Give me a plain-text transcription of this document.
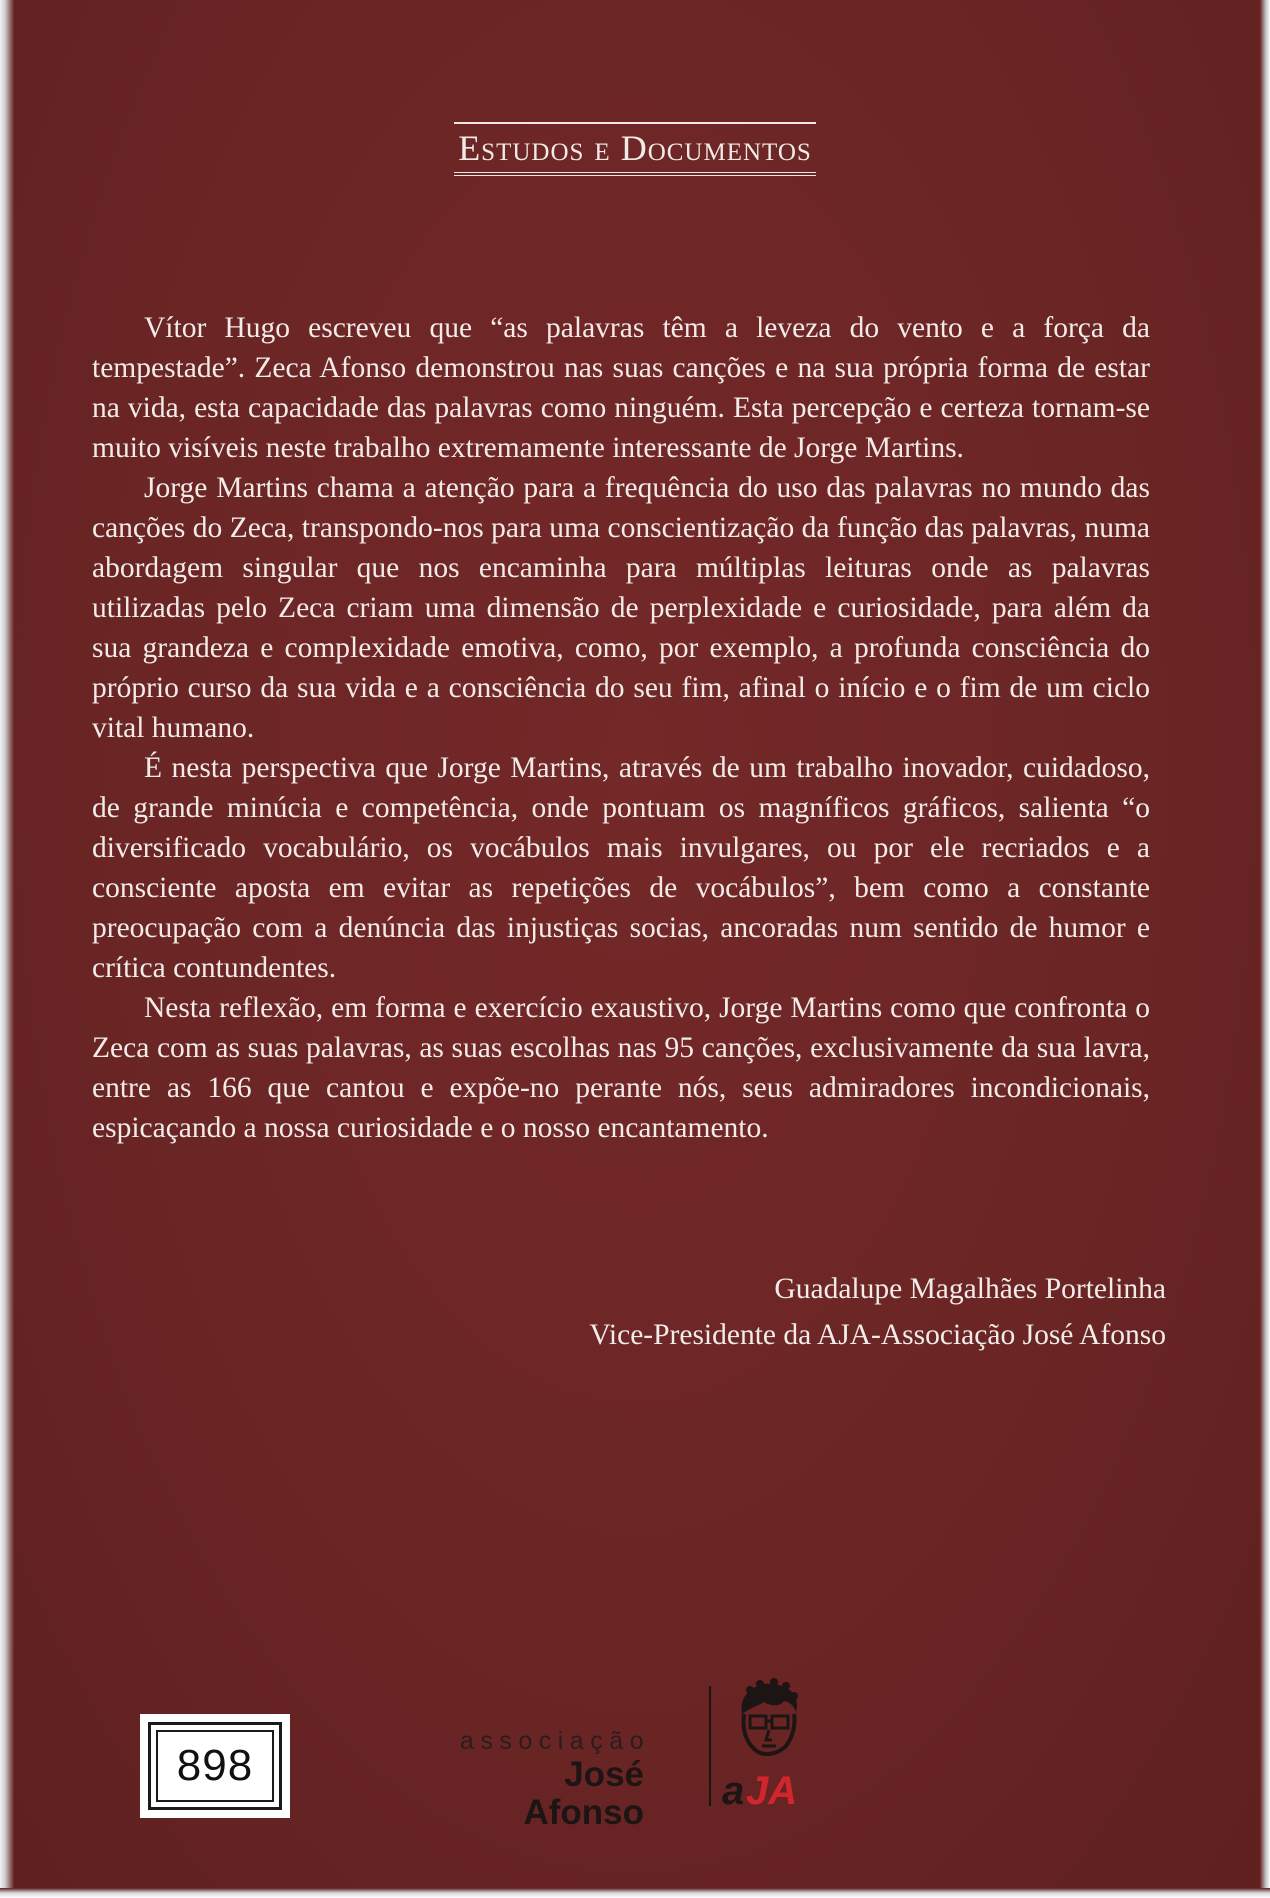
Estudos e Documentos

Vítor Hugo escreveu que “as palavras têm a leveza do vento e a força da tempestade”. Zeca Afonso demonstrou nas suas canções e na sua própria forma de estar na vida, esta capacidade das palavras como ninguém. Esta percepção e certeza tornam-se muito visíveis neste trabalho extremamente interessante de Jorge Martins.

Jorge Martins chama a atenção para a frequência do uso das palavras no mundo das canções do Zeca, transpondo-nos para uma conscientização da função das palavras, numa abordagem singular que nos encaminha para múltiplas leituras onde as palavras utilizadas pelo Zeca criam uma dimensão de perplexidade e curiosidade, para além da sua grandeza e complexidade emotiva, como, por exemplo, a profunda consciência do próprio curso da sua vida e a consciência do seu fim, afinal o início e o fim de um ciclo vital humano.

É nesta perspectiva que Jorge Martins, através de um trabalho inovador, cuidadoso, de grande minúcia e competência, onde pontuam os magníficos gráficos, salienta “o diversificado vocabulário, os vocábulos mais invulgares, ou por ele recriados e a consciente aposta em evitar as repetições de vocábulos”, bem como a constante preocupação com a denúncia das injustiças socias, ancoradas num sentido de humor e crítica contundentes.

Nesta reflexão, em forma e exercício exaustivo, Jorge Martins como que confronta o Zeca com as suas palavras, as suas escolhas nas 95 canções, exclusivamente da sua lavra, entre as 166 que cantou e expõe-no perante nós, seus admiradores incondicionais, espicaçando a nossa curiosidade e o nosso encantamento.

Guadalupe Magalhães Portelinha
Vice-Presidente da AJA-Associação José Afonso
898	associação
José Afonso a JA
